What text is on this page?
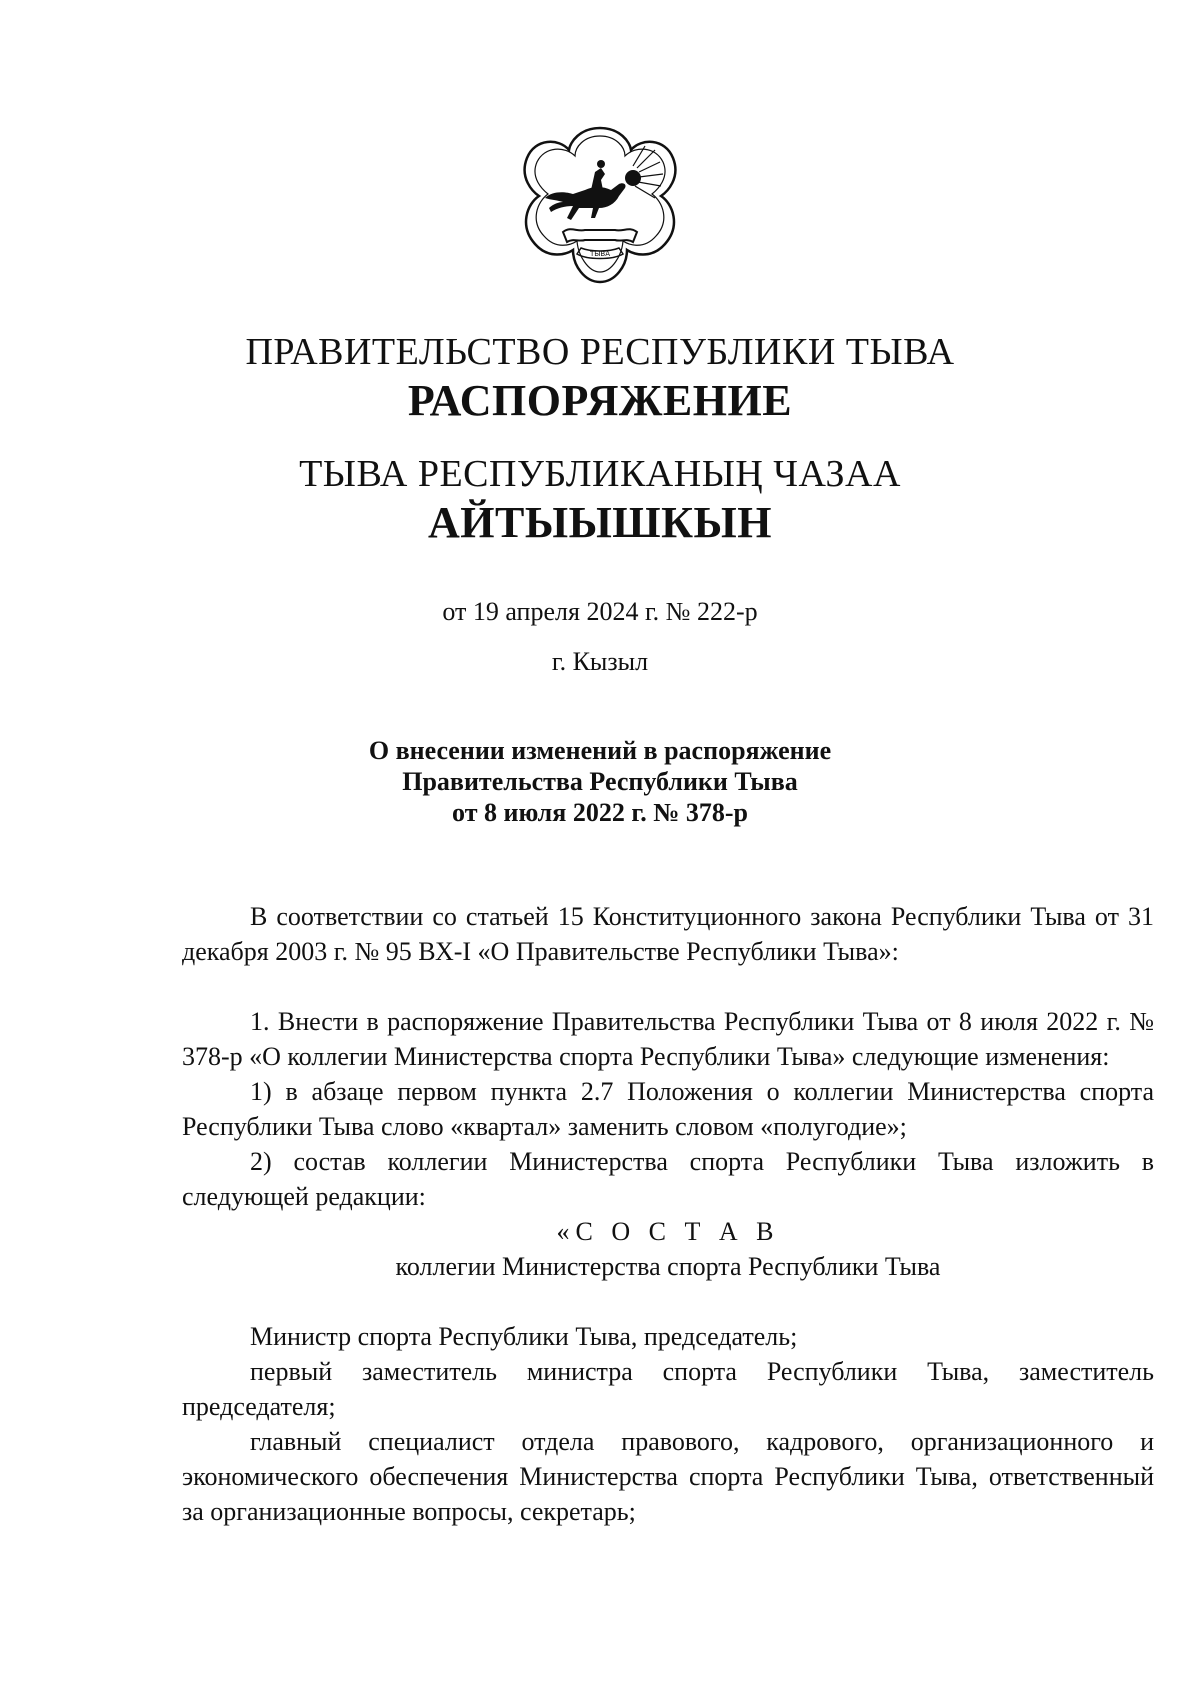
ТЫВА
ПРАВИТЕЛЬСТВО РЕСПУБЛИКИ ТЫВА
РАСПОРЯЖЕНИЕ
ТЫВА РЕСПУБЛИКАНЫҢ ЧАЗАА
АЙТЫЫШКЫН
от 19 апреля 2024 г. № 222-р
г. Кызыл
О внесении изменений в распоряжение
Правительства Республики Тыва
от 8 июля 2022 г. № 378-р

В соответствии со статьей 15 Конституционного закона Республики Тыва от 31 декабря 2003 г. № 95 ВХ-I «О Правительстве Республики Тыва»:

1. Внести в распоряжение Правительства Республики Тыва от 8 июля 2022 г. № 378-р «О коллегии Министерства спорта Республики Тыва» следующие изменения:

1) в абзаце первом пункта 2.7 Положения о коллегии Министерства спорта Республики Тыва слово «квартал» заменить словом «полугодие»;

2) состав коллегии Министерства спорта Республики Тыва изложить в следующей редакции:

«С О С Т А В

коллегии Министерства спорта Республики Тыва

Министр спорта Республики Тыва, председатель;

первый заместитель министра спорта Республики Тыва, заместитель председателя;

главный специалист отдела правового, кадрового, организационного и экономического обеспечения Министерства спорта Республики Тыва, ответственный за организационные вопросы, секретарь;
